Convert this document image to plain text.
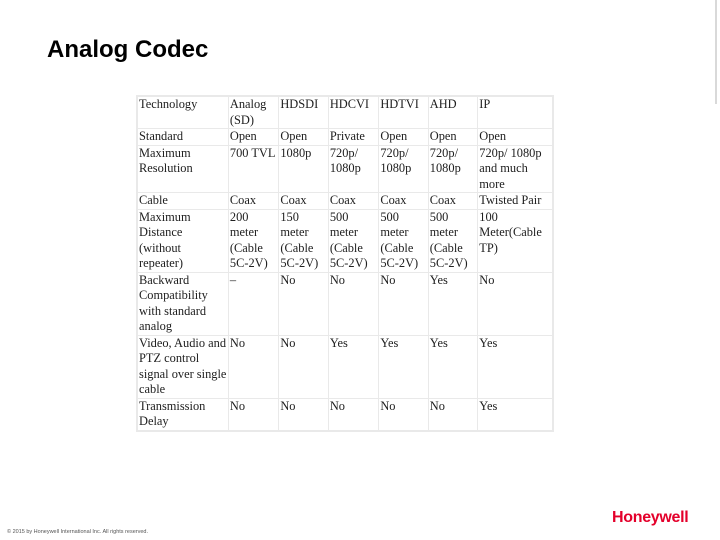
Analog Codec
Technology	Analog (SD)	HDSDI	HDCVI	HDTVI	AHD	IP
Standard	Open	Open	Private	Open	Open	Open
Maximum Resolution	700 TVL	1080p	720p/ 1080p	720p/ 1080p	720p/ 1080p	720p/ 1080p and much more
Cable	Coax	Coax	Coax	Coax	Coax	Twisted Pair
Maximum Distance (without repeater)	200 meter (Cable 5C-2V)	150 meter (Cable 5C-2V)	500 meter (Cable 5C-2V)	500 meter (Cable 5C-2V)	500 meter (Cable 5C-2V)	100 Meter(Cable TP)
Backward Compatibility with standard analog	–	No	No	No	Yes	No
Video, Audio and PTZ control signal over single cable	No	No	Yes	Yes	Yes	Yes
Transmission Delay	No	No	No	No	No	Yes
© 2015 by Honeywell International Inc. All rights reserved.
Honeywell
